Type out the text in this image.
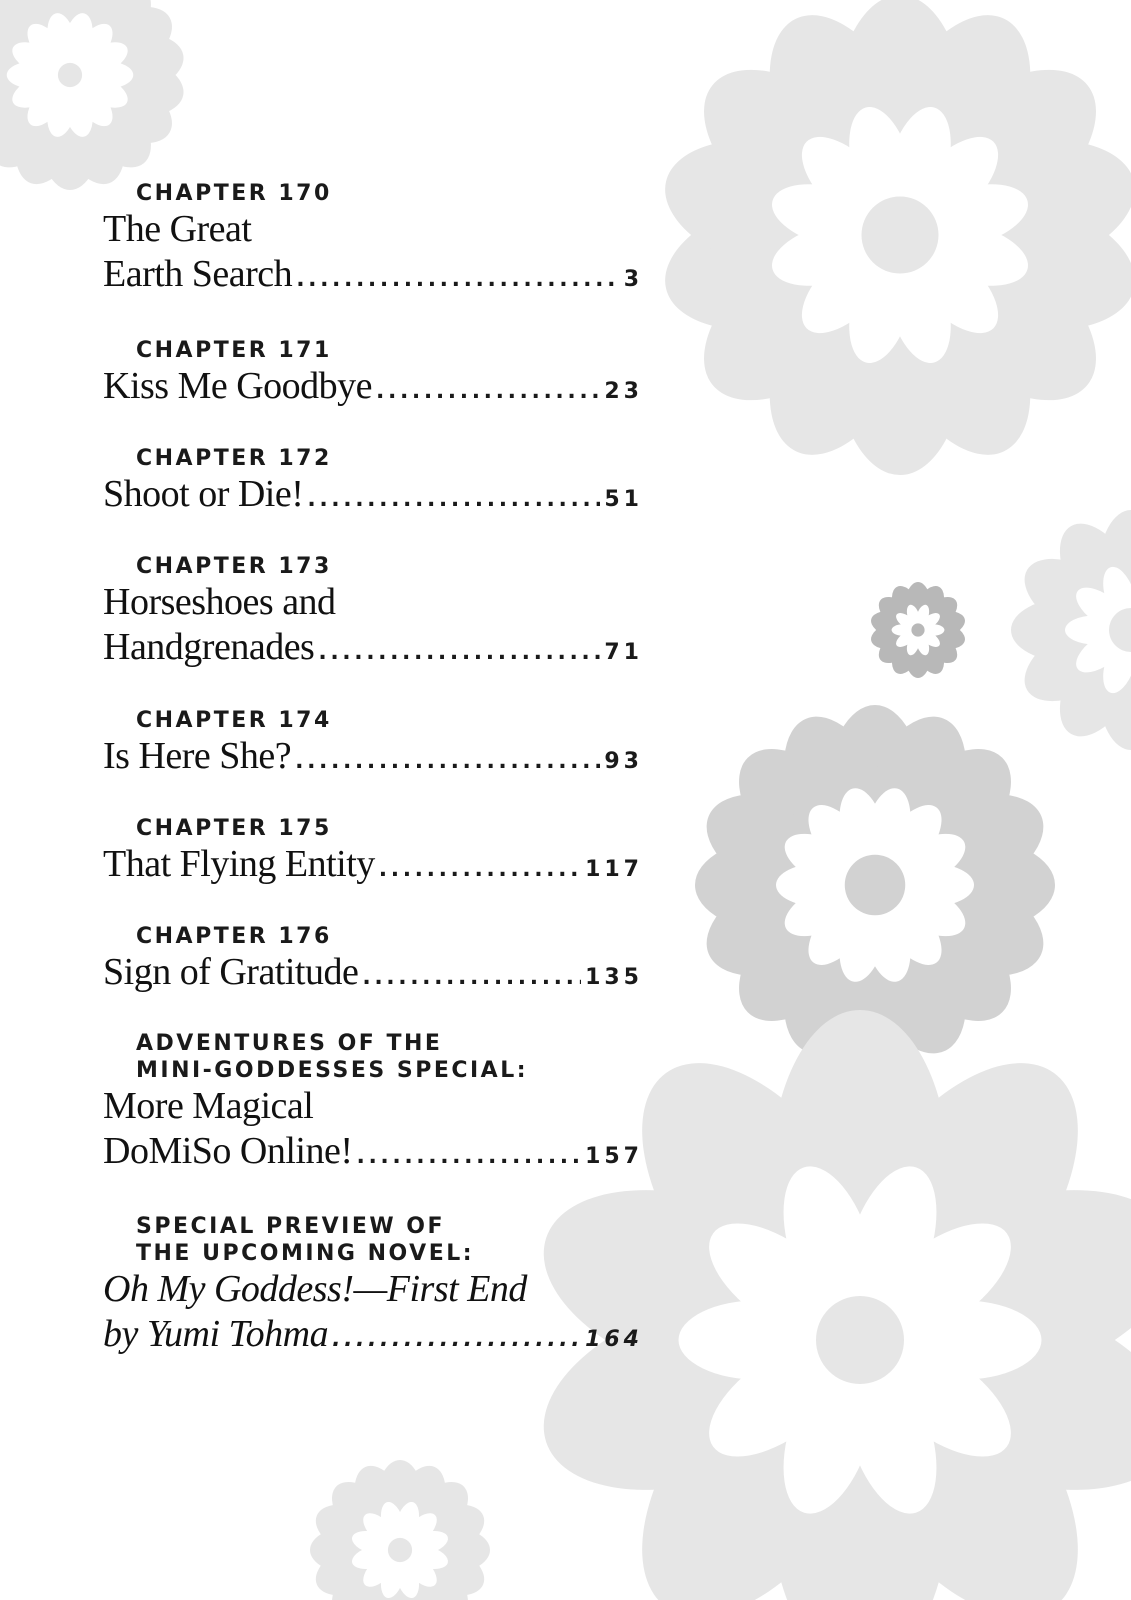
CHAPTER 170
The Great
Earth Search .....	3
CHAPTER 171
Kiss Me Goodbye .....	23
CHAPTER 172
Shoot or Die! .....	51
CHAPTER 173
Horseshoes and
Handgrenades .....	71
CHAPTER 174
Is Here She? .....	93
CHAPTER 175
That Flying Entity .....	117
CHAPTER 176
Sign of Gratitude .....	135
ADVENTURES OF THE
MINI-GODDESSES SPECIAL:
More Magical
DoMiSo Online! .....	157
SPECIAL PREVIEW OF
THE UPCOMING NOVEL:
Oh My Goddess!—First End
by Yumi Tohma .....	164
